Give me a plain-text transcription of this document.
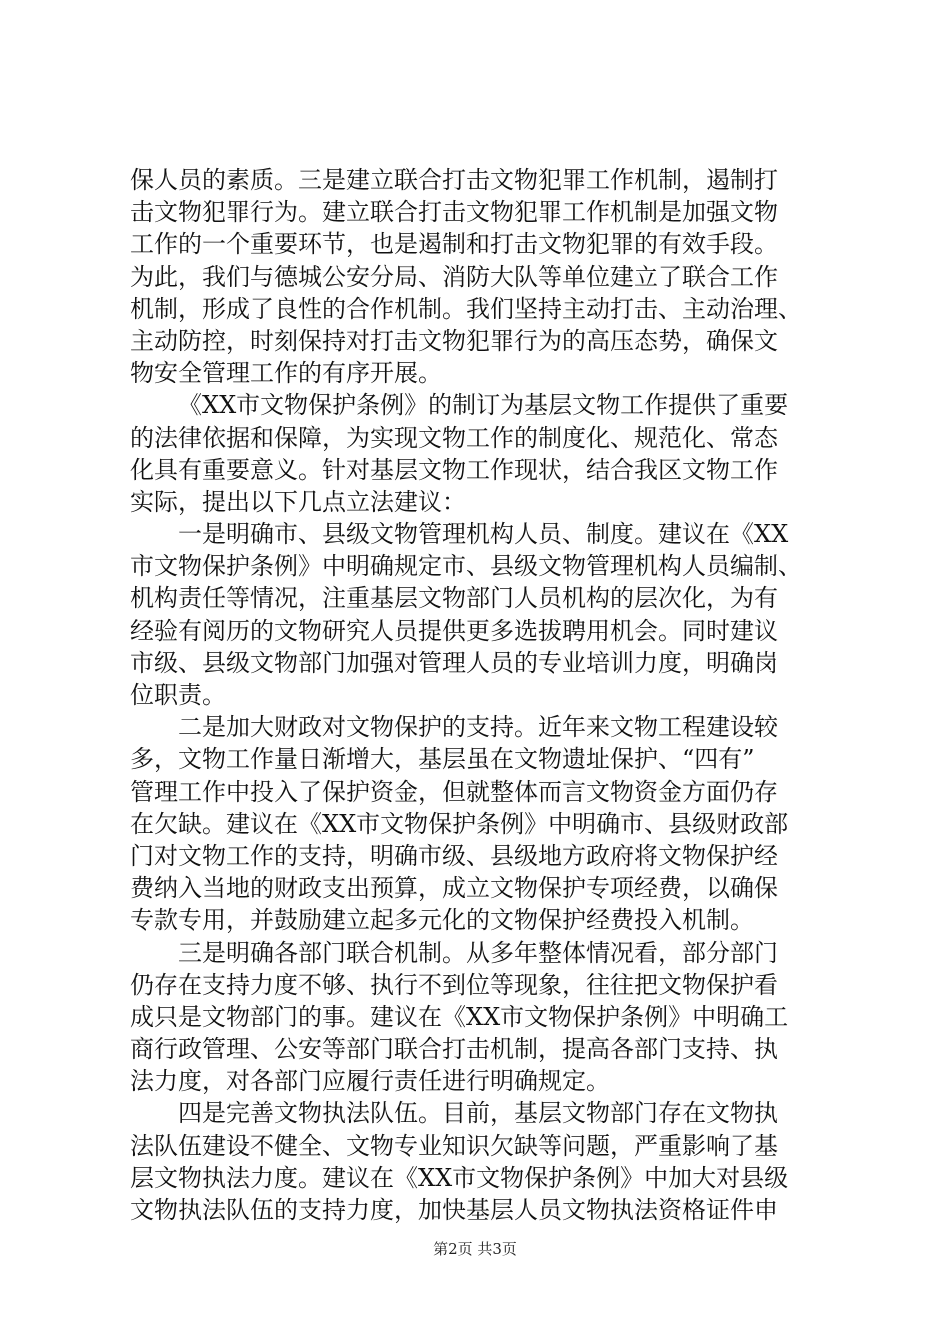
保人员的素质。三是建立联合打击文物犯罪工作机制，遏制打
击文物犯罪行为。建立联合打击文物犯罪工作机制是加强文物
工作的一个重要环节，也是遏制和打击文物犯罪的有效手段。
为此，我们与德城公安分局、消防大队等单位建立了联合工作
机制，形成了良性的合作机制。我们坚持主动打击、主动治理、
主动防控，时刻保持对打击文物犯罪行为的高压态势，确保文
物安全管理工作的有序开展。
《XX市文物保护条例》的制订为基层文物工作提供了重要
的法律依据和保障，为实现文物工作的制度化、规范化、常态
化具有重要意义。针对基层文物工作现状，结合我区文物工作
实际，提出以下几点立法建议：
一是明确市、县级文物管理机构人员、制度。建议在《XX
市文物保护条例》中明确规定市、县级文物管理机构人员编制、
机构责任等情况，注重基层文物部门人员机构的层次化，为有
经验有阅历的文物研究人员提供更多选拔聘用机会。同时建议
市级、县级文物部门加强对管理人员的专业培训力度，明确岗
位职责。
二是加大财政对文物保护的支持。近年来文物工程建设较
多，文物工作量日渐增大，基层虽在文物遗址保护、“四有”
管理工作中投入了保护资金，但就整体而言文物资金方面仍存
在欠缺。建议在《XX市文物保护条例》中明确市、县级财政部
门对文物工作的支持，明确市级、县级地方政府将文物保护经
费纳入当地的财政支出预算，成立文物保护专项经费，以确保
专款专用，并鼓励建立起多元化的文物保护经费投入机制。
三是明确各部门联合机制。从多年整体情况看，部分部门
仍存在支持力度不够、执行不到位等现象，往往把文物保护看
成只是文物部门的事。建议在《XX市文物保护条例》中明确工
商行政管理、公安等部门联合打击机制，提高各部门支持、执
法力度，对各部门应履行责任进行明确规定。
四是完善文物执法队伍。目前，基层文物部门存在文物执
法队伍建设不健全、文物专业知识欠缺等问题，严重影响了基
层文物执法力度。建议在《XX市文物保护条例》中加大对县级
文物执法队伍的支持力度，加快基层人员文物执法资格证件申
第2页 共3页
